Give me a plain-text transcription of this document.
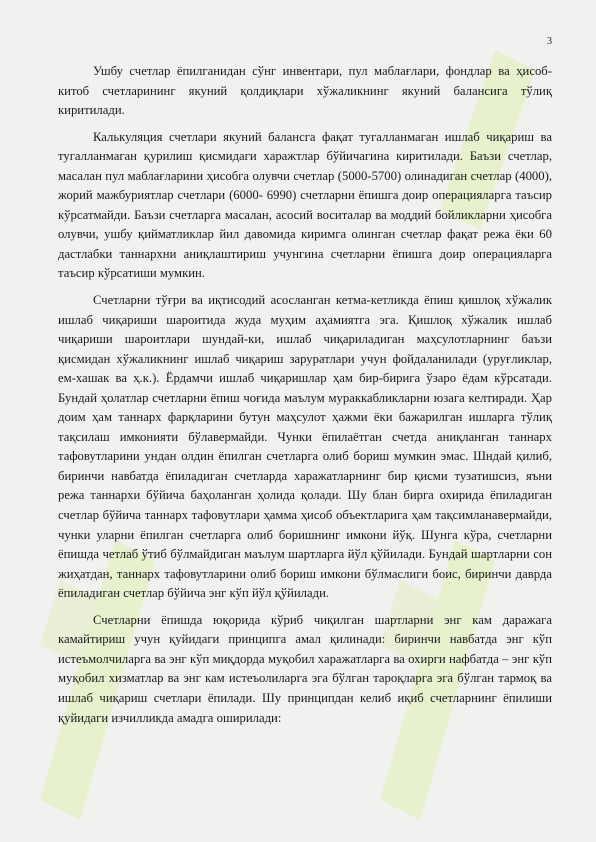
3

Ушбу счетлар ёпилганидан сўнг инвентари, пул маблағлари, фондлар ва ҳисоб-китоб счетларининг якуний қолдиқлари хўжаликнинг якуний балансига тўлиқ киритилади.

Калькуляция счетлари якуний балансга фақат тугалланмаган ишлаб чиқариш ва тугалланмаган қурилиш қисмидаги харажтлар бўйичагина киритилади. Баъзи счетлар, масалан пул маблағларини ҳисобга олувчи счетлар (5000-5700) олинадиган счетлар (4000), жорий мажбуриятлар счетлари (6000- 6990) счетларни ёпишга доир операцияларга таъсир кўрсатмайди. Баъзи счетларга масалан, асосий воситалар ва моддий бойликларни ҳисобга олувчи, ушбу қийматликлар йил давомида киримга олинган счетлар фақат режа ёки 60 дастлабки таннархни аниқлаштириш учунгина счетларни ёпишга доир операцияларга таъсир кўрсатиши мумкин.

Счетларни тўғри ва иқтисодий асосланган кетма-кетликда ёпиш қишлоқ хўжалик ишлаб чиқариши шароитида жуда муҳим аҳамиятга эга. Қишлоқ хўжалик ишлаб чиқариши шароитлари шундай-ки, ишлаб чиқариладиган маҳсулотларнинг баъзи қисмидан хўжаликнинг ишлаб чиқариш заруратлари учун фойдаланилади (уруғликлар, ем-хашак ва ҳ.к.). Ёрдамчи ишлаб чиқаришлар ҳам бир-бирига ўзаро ёдам кўрсатади. Бундай ҳолатлар счетларни ёпиш чоғида маълум мураккабликларни юзага келтиради. Ҳар доим ҳам таннарх фарқларини бутун маҳсулот ҳажми ёки бажарилган ишларга тўлиқ тақсилаш имконияти бўлавермайди. Чунки ёпилаётган счетда аниқланган таннарх тафовутларини ундан олдин ёпилган счетларга олиб бориш мумкин эмас. Шндай қилиб, биринчи навбатда ёпиладиган счетларда харажатларнинг бир қисми тузатишсиз, яъни режа таннархи бўйича баҳоланган ҳолида қолади. Шу блан бирга охирида ёпиладиган счетлар бўйича таннарх тафовутлари ҳамма ҳисоб объектларига ҳам тақсимланавермайди, чунки уларни ёпилган счетларга олиб боришнинг имкони йўқ. Шунга кўра, счетларни ёпишда четлаб ўтиб бўлмайдиган маълум шартларга йўл қўйилади. Бундай шартларни сон жиҳатдан, таннарх тафовутларини олиб бориш имкони бўлмаслиги боис, биринчи даврда ёпиладиган счетлар бўйича энг кўп йўл қўйилади.

Счетларни ёпишда юқорида кўриб чиқилган шартларни энг кам даражага камайтириш учун қуйидаги принципга амал қилинади: биринчи навбатда энг кўп истеъмолчиларга ва энг кўп миқдорда муқобил харажатларга ва охирги нафбатда – энг кўп муқобил хизматлар ва энг кам истеъолиларга эга бўлган тароқларга эга бўлган тармоқ ва ишлаб чиқариш счетлари ёпилади. Шу принципдан келиб иқиб счетларнинг ёпилиши қуйидаги изчилликда амадга оширилади:
